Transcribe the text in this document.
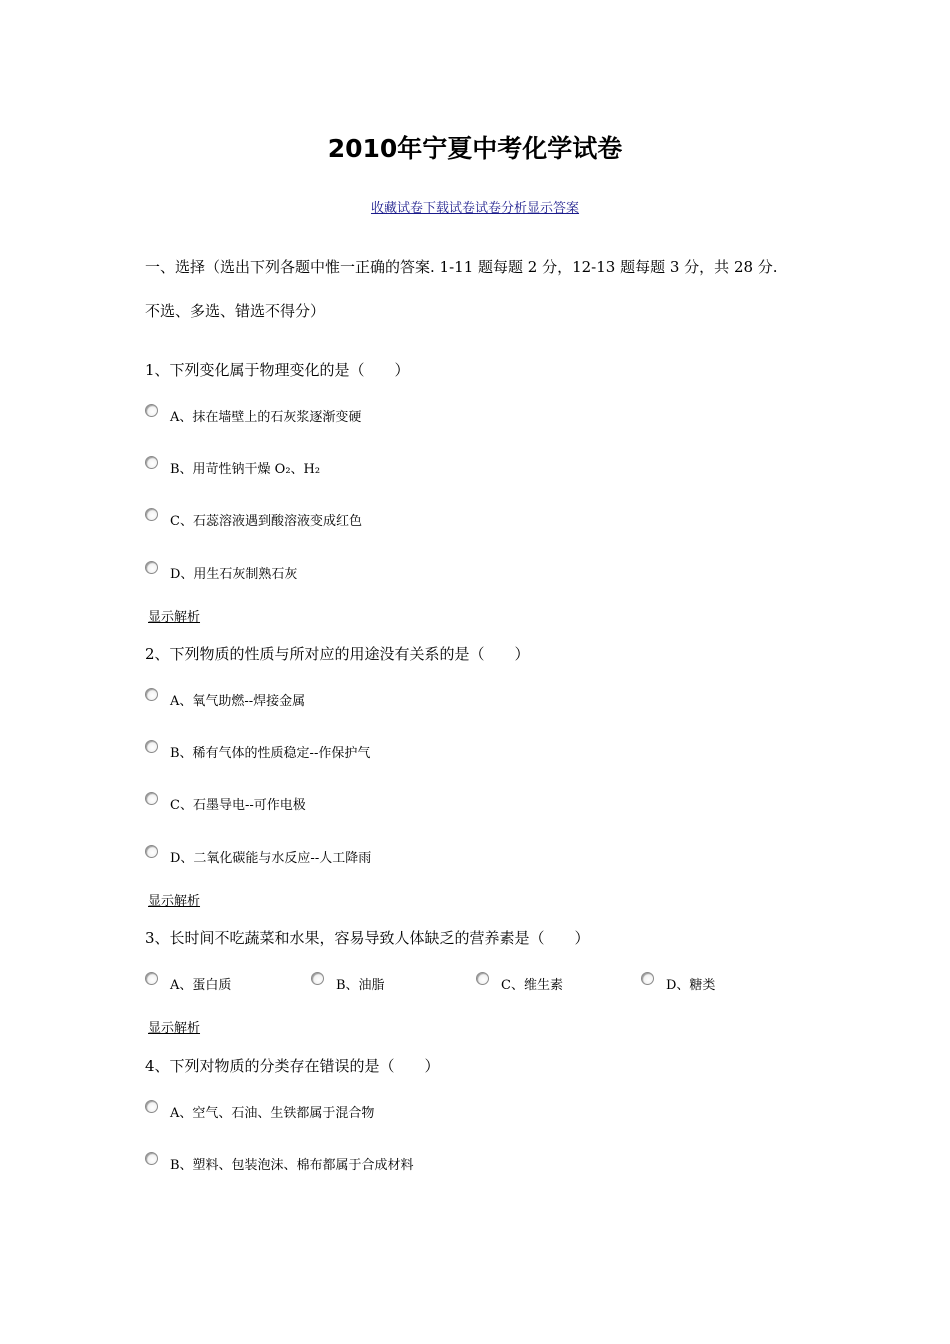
2010年宁夏中考化学试卷
收藏试卷下载试卷试卷分析显示答案
一、选择（选出下列各题中惟一正确的答案. 1-11 题每题 2 分，12-13 题每题 3 分，共 28 分.
不选、多选、错选不得分）
1、下列变化属于物理变化的是（　　）
A、抹在墙壁上的石灰浆逐渐变硬
B、用苛性钠干燥 O₂、H₂
C、石蕊溶液遇到酸溶液变成红色
D、用生石灰制熟石灰
显示解析
2、下列物质的性质与所对应的用途没有关系的是（　　）
A、氧气助燃--焊接金属
B、稀有气体的性质稳定--作保护气
C、石墨导电--可作电极
D、二氧化碳能与水反应--人工降雨
显示解析
3、长时间不吃蔬菜和水果，容易导致人体缺乏的营养素是（　　）
A、蛋白质	B、油脂	C、维生素	D、糖类
显示解析
4、下列对物质的分类存在错误的是（　　）
A、空气、石油、生铁都属于混合物
B、塑料、包装泡沫、棉布都属于合成材料
